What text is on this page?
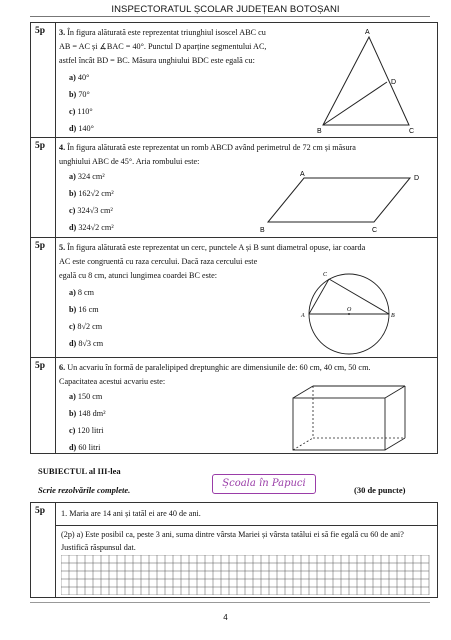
INSPECTORATUL ȘCOLAR JUDEȚEAN BOTOȘANI
5p	3. În figura alăturată este reprezentat triunghiul isoscel ABC cu
AB = AC și ∡BAC = 40°. Punctul D aparține segmentului AC,
astfel încât BD = BC. Măsura unghiului BDC este egală cu:
a) 40°
b) 70°
c) 110°
d) 140°
A
D
B	C
5p	4. În figura alăturată este reprezentat un romb ABCD având perimetrul de 72 cm și măsura
unghiului ABC de 45°. Aria rombului este:
a) 324 cm²
b) 162√2 cm²
c) 324√3 cm²
d) 324√2 cm²
A
D
B	C
5p	5. În figura alăturată este reprezentat un cerc, punctele A și B sunt diametral opuse, iar coarda
AC este congruentă cu raza cercului. Dacă raza cercului este
egală cu 8 cm, atunci lungimea coardei BC este:
a) 8 cm
b) 16 cm
c) 8√2 cm
d) 8√3 cm
C
A
O
B
5p	6. Un acvariu în formă de paralelipiped dreptunghic are dimensiunile de: 60 cm, 40 cm, 50 cm.
Capacitatea acestui acvariu este:
a) 150 cm
b) 148 dm²
c) 120 litri
d) 60 litri
SUBIECTUL al III-lea
Școala în Papuci
Scrie rezolvările complete.	(30 de puncte)
5p	1. Maria are 14 ani și tatăl ei are 40 de ani.
(2p) a) Este posibil ca, peste 3 ani, suma dintre vârsta Mariei și vârsta tatălui ei să fie egală cu 60 de ani? Justifică răspunsul dat.
4
